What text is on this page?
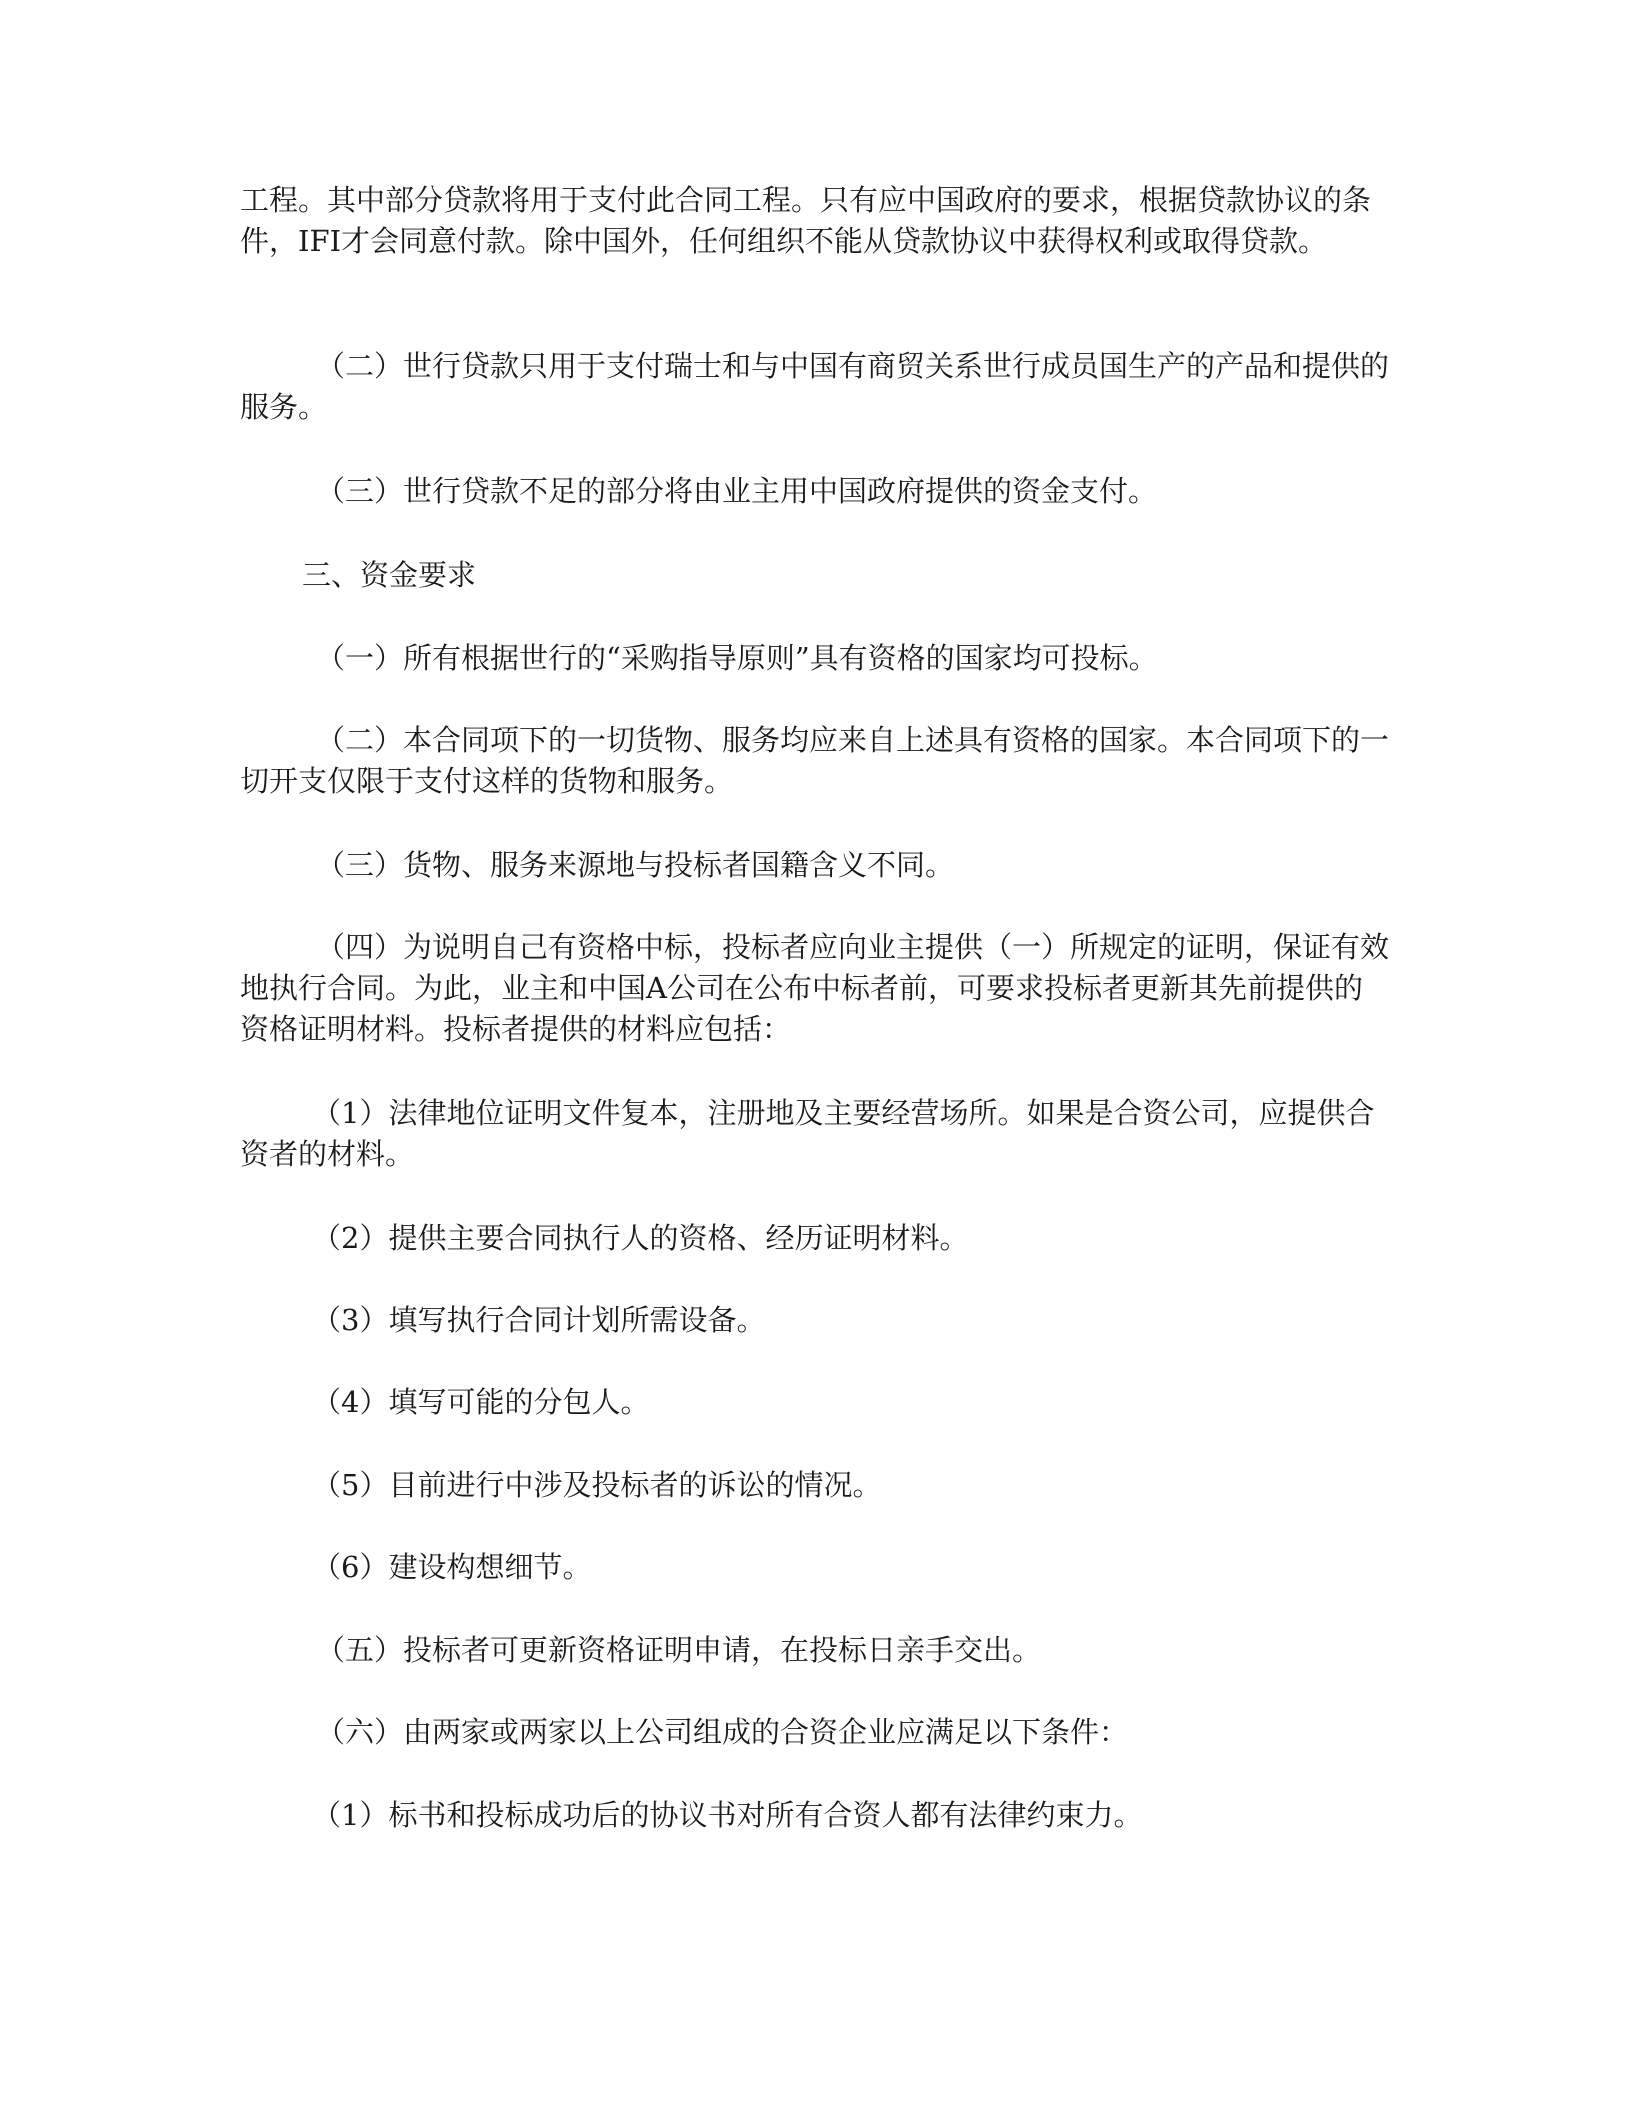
工程。其中部分贷款将用于支付此合同工程。只有应中国政府的要求，根据贷款协议的条件，IFI才会同意付款。除中国外，任何组织不能从贷款协议中获得权利或取得贷款。

（二）世行贷款只用于支付瑞士和与中国有商贸关系世行成员国生产的产品和提供的服务。

（三）世行贷款不足的部分将由业主用中国政府提供的资金支付。

三、资金要求

（一）所有根据世行的“采购指导原则”具有资格的国家均可投标。

（二）本合同项下的一切货物、服务均应来自上述具有资格的国家。本合同项下的一切开支仅限于支付这样的货物和服务。

（三）货物、服务来源地与投标者国籍含义不同。

（四）为说明自己有资格中标，投标者应向业主提供（一）所规定的证明，保证有效地执行合同。为此，业主和中国A公司在公布中标者前，可要求投标者更新其先前提供的资格证明材料。投标者提供的材料应包括：

（1）法律地位证明文件复本，注册地及主要经营场所。如果是合资公司，应提供合资者的材料。

（2）提供主要合同执行人的资格、经历证明材料。

（3）填写执行合同计划所需设备。

（4）填写可能的分包人。

（5）目前进行中涉及投标者的诉讼的情况。

（6）建设构想细节。

（五）投标者可更新资格证明申请，在投标日亲手交出。

（六）由两家或两家以上公司组成的合资企业应满足以下条件：

（1）标书和投标成功后的协议书对所有合资人都有法律约束力。
